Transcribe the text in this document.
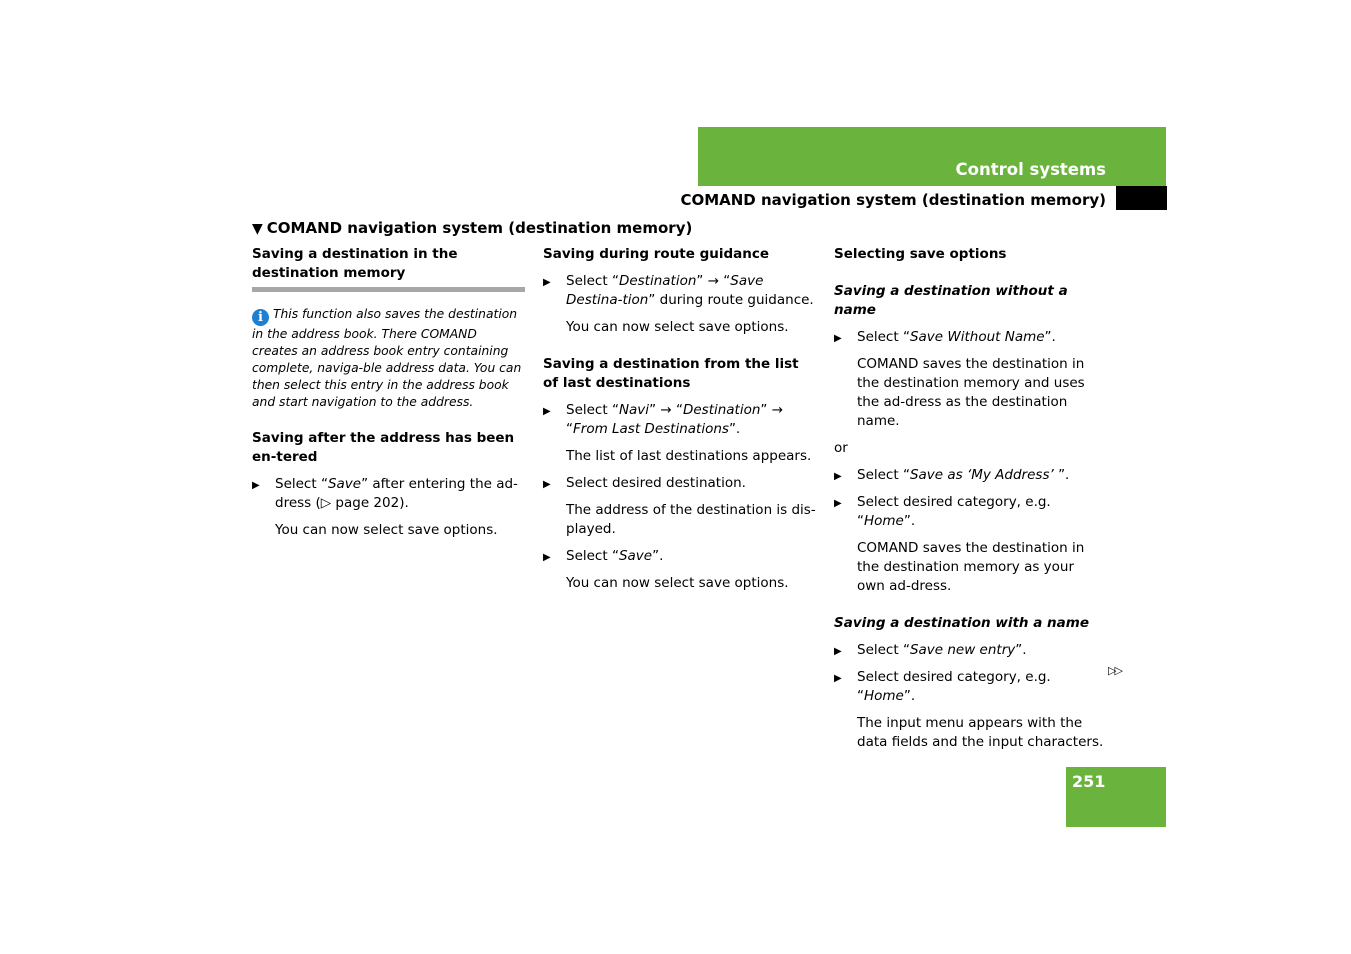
Control systems
COMAND navigation system (destination memory)
▼ COMAND navigation system (destination memory)

Saving a destination in the destination memory

i This function also saves the destination in the address book. There COMAND creates an address book entry containing complete, naviga-ble address data. You can then select this entry in the address book and start navigation to the address.

Saving after the address has been en-tered

▶ Select “Save” after entering the ad-dress (▷ page 202).

You can now select save options.

Saving during route guidance

▶ Select “Destination” → “Save Destina-tion” during route guidance.

You can now select save options.

Saving a destination from the list of last destinations

▶ Select “Navi” → “Destination” → “From Last Destinations”.

The list of last destinations appears.

▶ Select desired destination.

The address of the destination is dis-played.

▶ Select “Save”.

You can now select save options.

Selecting save options

Saving a destination without a name

▶ Select “Save Without Name”.

COMAND saves the destination in the destination memory and uses the ad-dress as the destination name.

or

▶ Select “Save as ‘My Address’ ”.

▶ Select desired category, e.g. “Home”.

COMAND saves the destination in the destination memory as your own ad-dress.

Saving a destination with a name

▶ Select “Save new entry”.

▶ Select desired category, e.g. “Home”.

The input menu appears with the data fields and the input characters.

▷▷
251
